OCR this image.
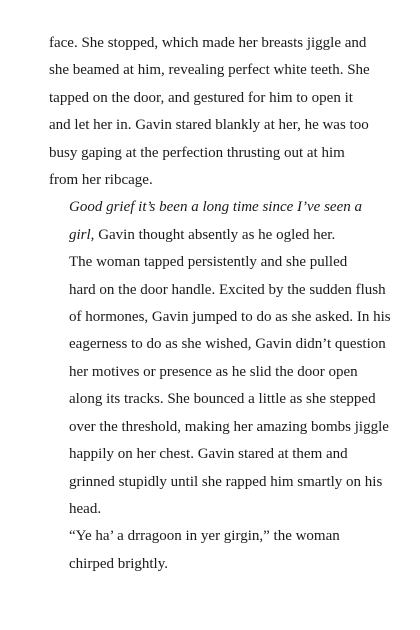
face. She stopped, which made her breasts jiggle and
she beamed at him, revealing perfect white teeth. She
tapped on the door, and gestured for him to open it
and let her in. Gavin stared blankly at her, he was too
busy gaping at the perfection thrusting out at him
from her ribcage.

Good grief it’s been a long time since I’ve seen a
girl, Gavin thought absently as he ogled her.

The woman tapped persistently and she pulled
hard on the door handle. Excited by the sudden flush
of hormones, Gavin jumped to do as she asked. In his
eagerness to do as she wished, Gavin didn’t question
her motives or presence as he slid the door open
along its tracks. She bounced a little as she stepped
over the threshold, making her amazing bombs jiggle
happily on her chest. Gavin stared at them and
grinned stupidly until she rapped him smartly on his
head.

“Ye ha’ a drragoon in yer girgin,” the woman
chirped brightly.
